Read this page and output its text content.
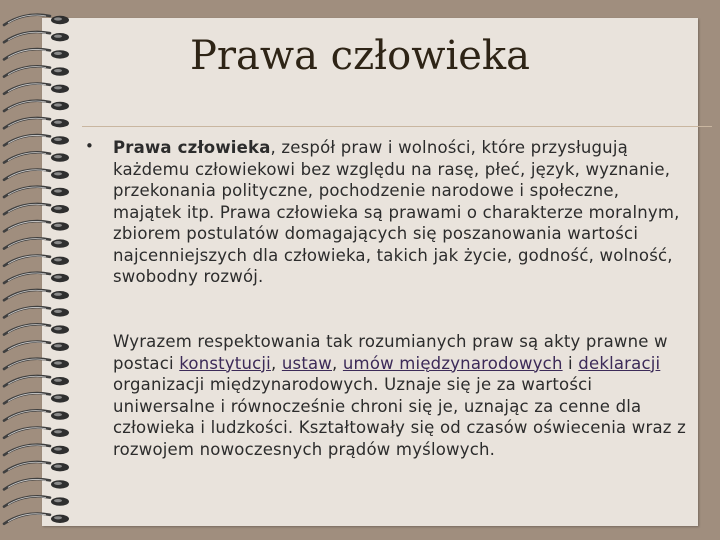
Prawa człowieka
• Prawa człowieka, zespół praw i wolności, które przysługują każdemu człowiekowi bez względu na rasę, płeć, język, wyznanie, przekonania polityczne, pochodzenie narodowe i społeczne, majątek itp. Prawa człowieka są prawami o charakterze moralnym, zbiorem postulatów domagających się poszanowania wartości najcenniejszych dla człowieka, takich jak życie, godność, wolność, swobodny rozwój.

Wyrazem respektowania tak rozumianych praw są akty prawne w postaci konstytucji, ustaw, umów międzynarodowych i deklaracji organizacji międzynarodowych. Uznaje się je za wartości uniwersalne i równocześnie chroni się je, uznając za cenne dla człowieka i ludzkości. Kształtowały się od czasów oświecenia wraz z rozwojem nowoczesnych prądów myślowych.
